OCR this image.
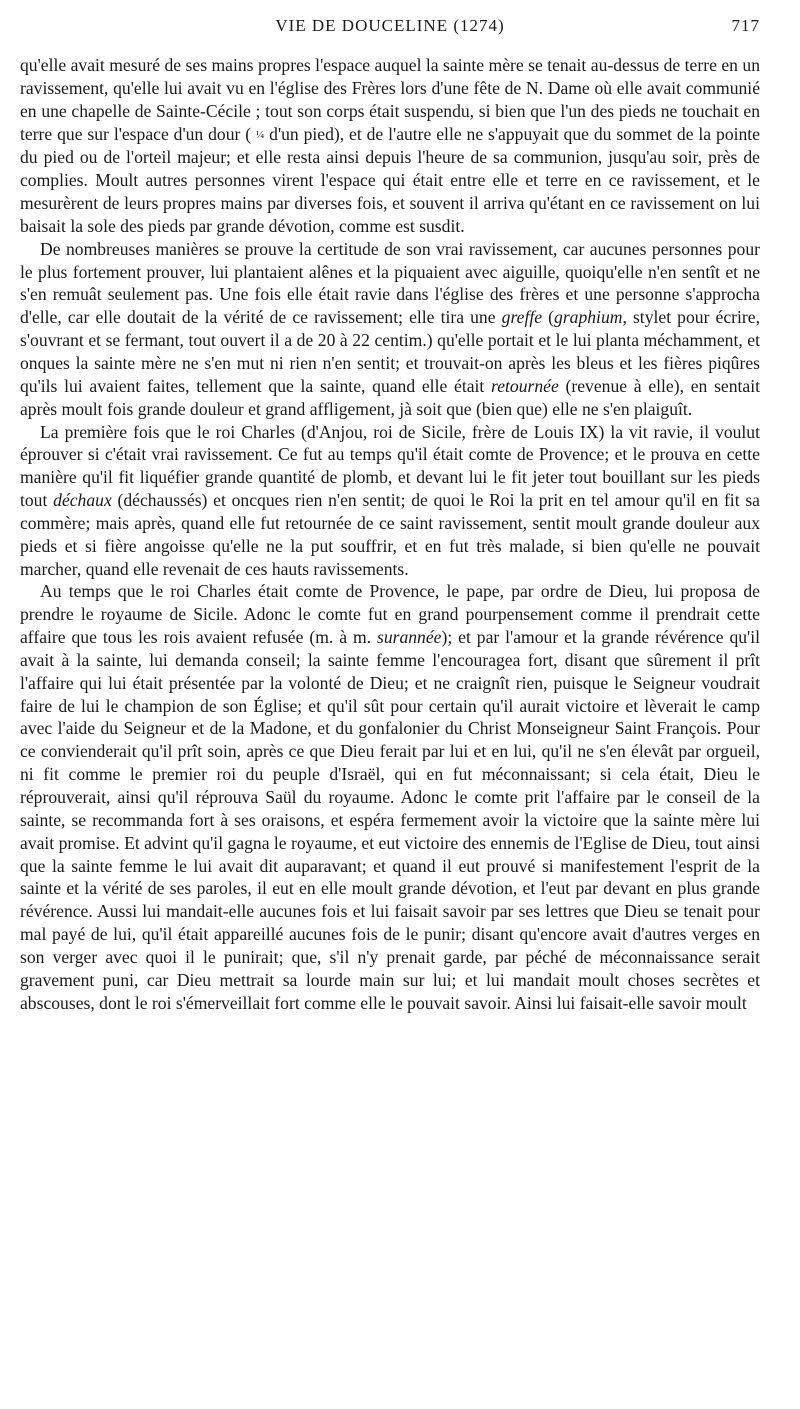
VIE DE DOUCELINE (1274)	717

qu'elle avait mesuré de ses mains propres l'espace auquel la sainte mère se tenait au-dessus de terre en un ravissement, qu'elle lui avait vu en l'église des Frères lors d'une fête de N. Dame où elle avait communié en une chapelle de Sainte-Cécile ; tout son corps était suspendu, si bien que l'un des pieds ne touchait en terre que sur l'espace d'un dour ( ¼ d'un pied), et de l'autre elle ne s'appuyait que du sommet de la pointe du pied ou de l'orteil majeur; et elle resta ainsi depuis l'heure de sa communion, jusqu'au soir, près de complies. Moult autres personnes virent l'espace qui était entre elle et terre en ce ravissement, et le mesurèrent de leurs propres mains par diverses fois, et souvent il arriva qu'étant en ce ravissement on lui baisait la sole des pieds par grande dévotion, comme est susdit.

De nombreuses manières se prouve la certitude de son vrai ravissement, car aucunes personnes pour le plus fortement prouver, lui plantaient alênes et la piquaient avec aiguille, quoiqu'elle n'en sentît et ne s'en remuât seulement pas. Une fois elle était ravie dans l'église des frères et une personne s'approcha d'elle, car elle doutait de la vérité de ce ravissement; elle tira une greffe (graphium, stylet pour écrire, s'ouvrant et se fermant, tout ouvert il a de 20 à 22 centim.) qu'elle portait et le lui planta méchamment, et onques la sainte mère ne s'en mut ni rien n'en sentit; et trouvait-on après les bleus et les fières piqûres qu'ils lui avaient faites, tellement que la sainte, quand elle était retournée (revenue à elle), en sentait après moult fois grande douleur et grand affligement, jà soit que (bien que) elle ne s'en plaiguît.

La première fois que le roi Charles (d'Anjou, roi de Sicile, frère de Louis IX) la vit ravie, il voulut éprouver si c'était vrai ravissement. Ce fut au temps qu'il était comte de Provence; et le prouva en cette manière qu'il fit liquéfier grande quantité de plomb, et devant lui le fit jeter tout bouillant sur les pieds tout déchaux (déchaussés) et oncques rien n'en sentit; de quoi le Roi la prit en tel amour qu'il en fit sa commère; mais après, quand elle fut retournée de ce saint ravissement, sentit moult grande douleur aux pieds et si fière angoisse qu'elle ne la put souffrir, et en fut très malade, si bien qu'elle ne pouvait marcher, quand elle revenait de ces hauts ravissements.

Au temps que le roi Charles était comte de Provence, le pape, par ordre de Dieu, lui proposa de prendre le royaume de Sicile. Adonc le comte fut en grand pourpensement comme il prendrait cette affaire que tous les rois avaient refusée (m. à m. surannée); et par l'amour et la grande révérence qu'il avait à la sainte, lui demanda conseil; la sainte femme l'encouragea fort, disant que sûrement il prît l'affaire qui lui était présentée par la volonté de Dieu; et ne craignît rien, puisque le Seigneur voudrait faire de lui le champion de son Église; et qu'il sût pour certain qu'il aurait victoire et lèverait le camp avec l'aide du Seigneur et de la Madone, et du gonfalonier du Christ Monseigneur Saint François. Pour ce convienderait qu'il prît soin, après ce que Dieu ferait par lui et en lui, qu'il ne s'en élevât par orgueil, ni fit comme le premier roi du peuple d'Israël, qui en fut méconnaissant; si cela était, Dieu le réprouverait, ainsi qu'il réprouva Saül du royaume. Adonc le comte prit l'affaire par le conseil de la sainte, se recommanda fort à ses oraisons, et espéra fermement avoir la victoire que la sainte mère lui avait promise. Et advint qu'il gagna le royaume, et eut victoire des ennemis de l'Eglise de Dieu, tout ainsi que la sainte femme le lui avait dit auparavant; et quand il eut prouvé si manifestement l'esprit de la sainte et la vérité de ses paroles, il eut en elle moult grande dévotion, et l'eut par devant en plus grande révérence. Aussi lui mandait-elle aucunes fois et lui faisait savoir par ses lettres que Dieu se tenait pour mal payé de lui, qu'il était appareillé aucunes fois de le punir; disant qu'encore avait d'autres verges en son verger avec quoi il le punirait; que, s'il n'y prenait garde, par péché de méconnaissance serait gravement puni, car Dieu mettrait sa lourde main sur lui; et lui mandait moult choses secrètes et abscouses, dont le roi s'émerveillait fort comme elle le pouvait savoir. Ainsi lui faisait-elle savoir moult
